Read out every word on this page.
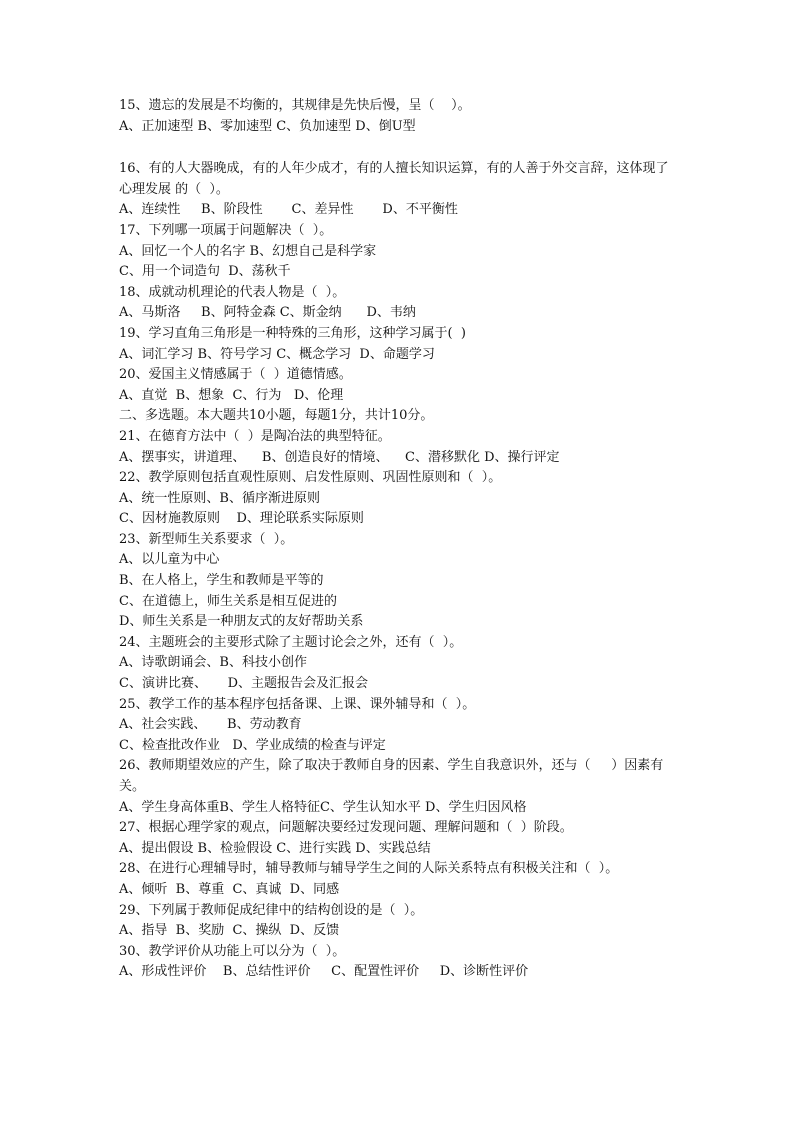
15、遗忘的发展是不均衡的，其规律是先快后慢，呈（    ）。
A、正加速型 B、零加速型 C、负加速型 D、倒U型
16、有的人大器晚成，有的人年少成才，有的人擅长知识运算，有的人善于外交言辞，这体现了心理发展 的（  ）。
A、连续性     B、阶段性       C、差异性       D、不平衡性
17、下列哪一项属于问题解决（  ）。
A、回忆一个人的名字 B、幻想自己是科学家
C、用一个词造句  D、荡秋千
18、成就动机理论的代表人物是（  ）。
A、马斯洛     B、阿特金森 C、斯金纳      D、韦纳
19、学习直角三角形是一种特殊的三角形，这种学习属于(  )
A、词汇学习 B、符号学习 C、概念学习  D、命题学习
20、爱国主义情感属于（  ）道德情感。
A、直觉  B、想象  C、行为   D、伦理
二、多选题。本大题共10小题，每题1分，共计10分。
21、在德育方法中（  ）是陶冶法的典型特征。
A、摆事实，讲道理、    B、创造良好的情境、    C、潜移默化 D、操行评定
22、教学原则包括直观性原则、启发性原则、巩固性原则和（  ）。
A、统一性原则、B、循序渐进原则
C、因材施教原则    D、理论联系实际原则
23、新型师生关系要求（  ）。
A、以儿童为中心
B、在人格上，学生和教师是平等的
C、在道德上，师生关系是相互促进的
D、师生关系是一种朋友式的友好帮助关系
24、主题班会的主要形式除了主题讨论会之外，还有（  ）。
A、诗歌朗诵会、B、科技小创作
C、演讲比赛、     D、主题报告会及汇报会
25、教学工作的基本程序包括备课、上课、课外辅导和（  ）。
A、社会实践、     B、劳动教育
C、检查批改作业   D、学业成绩的检查与评定
26、教师期望效应的产生，除了取决于教师自身的因素、学生自我意识外，还与（     ）因素有关。
A、学生身高体重B、学生人格特征C、学生认知水平 D、学生归因风格
27、根据心理学家的观点，问题解决要经过发现问题、理解问题和（  ）阶段。
A、提出假设 B、检验假设 C、进行实践 D、实践总结
28、在进行心理辅导时，辅导教师与辅导学生之间的人际关系特点有积极关注和（  ）。
A、倾听  B、尊重  C、真诚  D、同感
29、下列属于教师促成纪律中的结构创设的是（  ）。
A、指导  B、奖励  C、操纵  D、反馈
30、教学评价从功能上可以分为（  ）。
A、形成性评价    B、总结性评价     C、配置性评价     D、诊断性评价
